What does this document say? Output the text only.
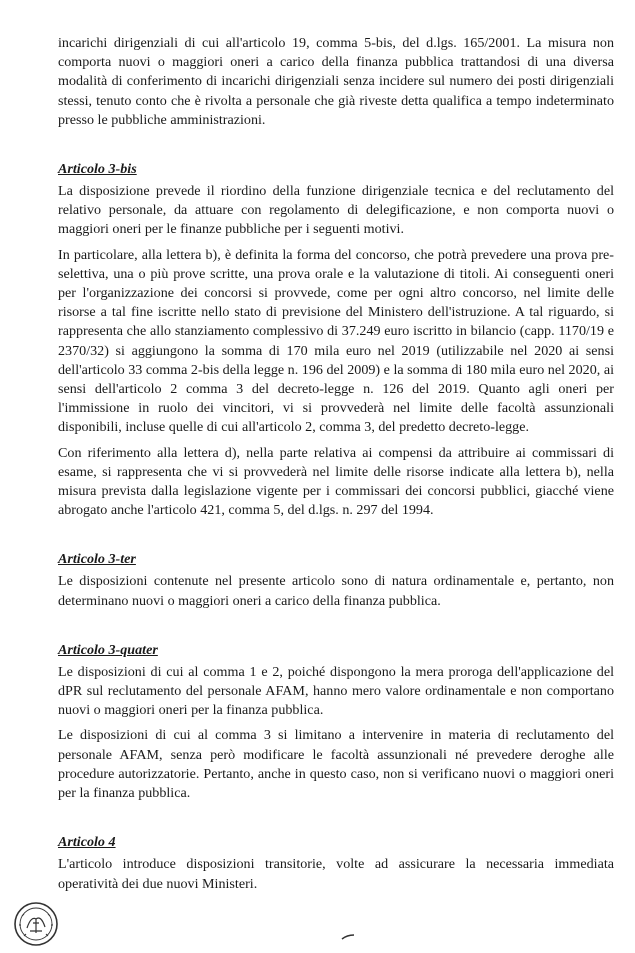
incarichi dirigenziali di cui all'articolo 19, comma 5-bis, del d.lgs. 165/2001. La misura non comporta nuovi o maggiori oneri a carico della finanza pubblica trattandosi di una diversa modalità di conferimento di incarichi dirigenziali senza incidere sul numero dei posti dirigenziali stessi, tenuto conto che è rivolta a personale che già riveste detta qualifica a tempo indeterminato presso le pubbliche amministrazioni.

Articolo 3-bis

La disposizione prevede il riordino della funzione dirigenziale tecnica e del reclutamento del relativo personale, da attuare con regolamento di delegificazione, e non comporta nuovi o maggiori oneri per le finanze pubbliche per i seguenti motivi.

In particolare, alla lettera b), è definita la forma del concorso, che potrà prevedere una prova pre-selettiva, una o più prove scritte, una prova orale e la valutazione di titoli. Ai conseguenti oneri per l'organizzazione dei concorsi si provvede, come per ogni altro concorso, nel limite delle risorse a tal fine iscritte nello stato di previsione del Ministero dell'istruzione. A tal riguardo, si rappresenta che allo stanziamento complessivo di 37.249 euro iscritto in bilancio (capp. 1170/19 e 2370/32) si aggiungono la somma di 170 mila euro nel 2019 (utilizzabile nel 2020 ai sensi dell'articolo 33 comma 2-bis della legge n. 196 del 2009) e la somma di 180 mila euro nel 2020, ai sensi dell'articolo 2 comma 3 del decreto-legge n. 126 del 2019. Quanto agli oneri per l'immissione in ruolo dei vincitori, vi si provvederà nel limite delle facoltà assunzionali disponibili, incluse quelle di cui all'articolo 2, comma 3, del predetto decreto-legge.

Con riferimento alla lettera d), nella parte relativa ai compensi da attribuire ai commissari di esame, si rappresenta che vi si provvederà nel limite delle risorse indicate alla lettera b), nella misura prevista dalla legislazione vigente per i commissari dei concorsi pubblici, giacché viene abrogato anche l'articolo 421, comma 5, del d.lgs. n. 297 del 1994.

Articolo 3-ter

Le disposizioni contenute nel presente articolo sono di natura ordinamentale e, pertanto, non determinano nuovi o maggiori oneri a carico della finanza pubblica.

Articolo 3-quater

Le disposizioni di cui al comma 1 e 2, poiché dispongono la mera proroga dell'applicazione del dPR sul reclutamento del personale AFAM, hanno mero valore ordinamentale e non comportano nuovi o maggiori oneri per la finanza pubblica.

Le disposizioni di cui al comma 3 si limitano a intervenire in materia di reclutamento del personale AFAM, senza però modificare le facoltà assunzionali né prevedere deroghe alle procedure autorizzatorie. Pertanto, anche in questo caso, non si verificano nuovi o maggiori oneri per la finanza pubblica.

Articolo 4

L'articolo introduce disposizioni transitorie, volte ad assicurare la necessaria immediata operatività dei due nuovi Ministeri.
